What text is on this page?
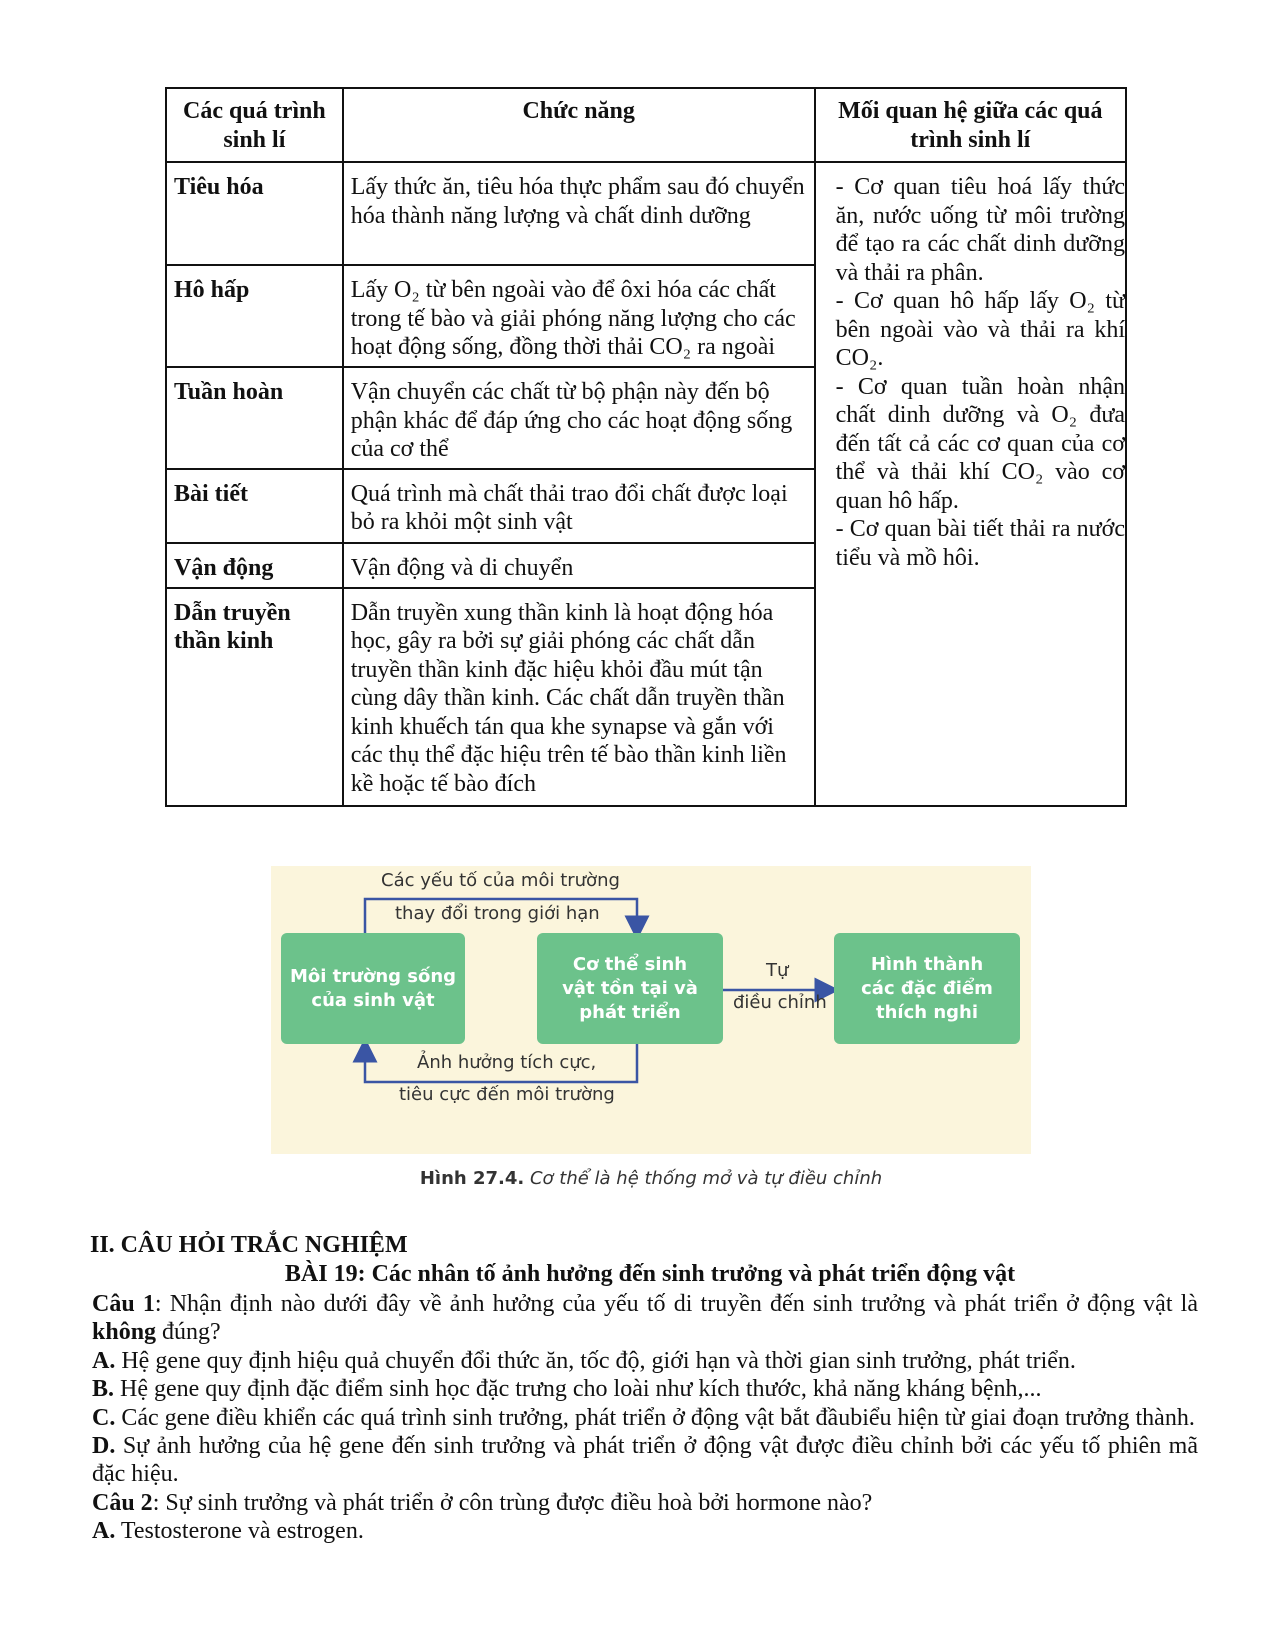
Các quá trình sinh lí	Chức năng	Mối quan hệ giữa các quá trình sinh lí
Tiêu hóa	Lấy thức ăn, tiêu hóa thực phẩm sau đó chuyển hóa thành năng lượng và chất dinh dưỡng	- Cơ quan tiêu hoá lấy thức ăn, nước uống từ môi trường để tạo ra các chất dinh dưỡng và thải ra phân.
- Cơ quan hô hấp lấy O₂ từ bên ngoài vào và thải ra khí CO₂.
- Cơ quan tuần hoàn nhận chất dinh dưỡng và O₂ đưa đến tất cả các cơ quan của cơ thể và thải khí CO₂ vào cơ quan hô hấp.
- Cơ quan bài tiết thải ra nước tiểu và mồ hôi.

Hô hấp	Lấy O₂ từ bên ngoài vào để ôxi hóa các chất trong tế bào và giải phóng năng lượng cho các hoạt động sống, đồng thời thải CO₂ ra ngoài	
Tuần hoàn	Vận chuyển các chất từ bộ phận này đến bộ phận khác để đáp ứng cho các hoạt động sống của cơ thể	
Bài tiết	Quá trình mà chất thải trao đổi chất được loại bỏ ra khỏi một sinh vật	
Vận động	Vận động và di chuyển	
Dẫn truyền thần kinh	Dẫn truyền xung thần kinh là hoạt động hóa học, gây ra bởi sự giải phóng các chất dẫn truyền thần kinh đặc hiệu khỏi đầu mút tận cùng dây thần kinh. Các chất dẫn truyền thần kinh khuếch tán qua khe synapse và gắn với các thụ thể đặc hiệu trên tế bào thần kinh liền kề hoặc tế bào đích	
Môi trường sống của sinh vật
Cơ thể sinh vật tồn tại và phát triển
Hình thành các đặc điểm thích nghi
Các yếu tố của môi trường
thay đổi trong giới hạn
Ảnh hưởng tích cực,
tiêu cực đến môi trường
Tự
điều chỉnh
Hình 27.4. Cơ thể là hệ thống mở và tự điều chỉnh
II. CÂU HỎI TRẮC NGHIỆM
BÀI 19: Các nhân tố ảnh hưởng đến sinh trưởng và phát triển động vật

Câu 1: Nhận định nào dưới đây về ảnh hưởng của yếu tố di truyền đến sinh trưởng và phát triển ở động vật là không đúng?

A. Hệ gene quy định hiệu quả chuyển đổi thức ăn, tốc độ, giới hạn và thời gian sinh trưởng, phát triển.

B. Hệ gene quy định đặc điểm sinh học đặc trưng cho loài như kích thước, khả năng kháng bệnh,...

C. Các gene điều khiển các quá trình sinh trưởng, phát triển ở động vật bắt đầubiểu hiện từ giai đoạn trưởng thành.

D. Sự ảnh hưởng của hệ gene đến sinh trưởng và phát triển ở động vật được điều chỉnh bởi các yếu tố phiên mã đặc hiệu.

Câu 2: Sự sinh trưởng và phát triển ở côn trùng được điều hoà bởi hormone nào?

A. Testosterone và estrogen.
